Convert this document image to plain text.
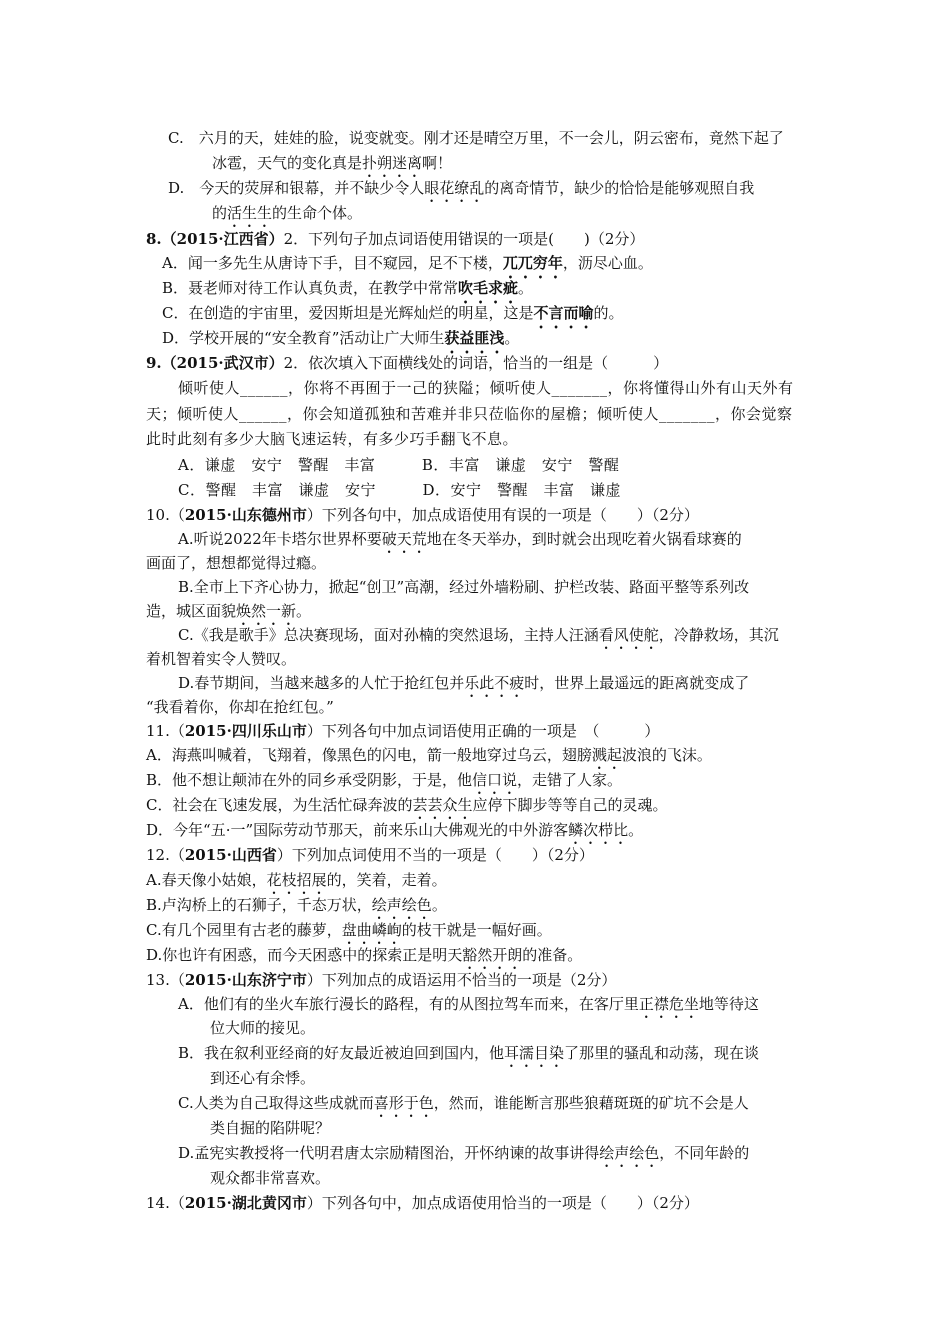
C.　六月的天，娃娃的脸，说变就变。刚才还是晴空万里，不一会儿，阴云密布，竟然下起了
冰雹，天气的变化真是扑朔迷离啊！
D.　今天的荧屏和银幕，并不缺少令人眼花缭乱的离奇情节，缺少的恰恰是能够观照自我
的活生生的生命个体。
8.（2015·江西省）2．下列句子加点词语使用错误的一项是(　　)（2分）
A．闻一多先生从唐诗下手，目不窥园，足不下楼，兀兀穷年，沥尽心血。
B．聂老师对待工作认真负责，在教学中常常吹毛求疵。
C．在创造的宇宙里，爱因斯坦是光辉灿烂的明星，这是不言而喻的。
D．学校开展的“安全教育”活动让广大师生获益匪浅。
9.（2015·武汉市）2．依次填入下面横线处的词语，恰当的一组是（　　　）
倾听使人______，你将不再囿于一己的狭隘；倾听使人_______，你将懂得山外有山天外有
天；倾听使人______，你会知道孤独和苦难并非只莅临你的屋檐；倾听使人_______，你会觉察
此时此刻有多少大脑飞速运转，有多少巧手翻飞不息。
A．谦虚　安宁　警醒　丰富　　　B．丰富　谦虚　安宁　警醒
C．警醒　丰富　谦虚　安宁　　　D．安宁　警醒　丰富　谦虚
10.（2015·山东德州市）下列各句中，加点成语使用有误的一项是（　　）（2分）
A.听说2022年卡塔尔世界杯要破天荒地在冬天举办，到时就会出现吃着火锅看球赛的
画面了，想想都觉得过瘾。
B.全市上下齐心协力，掀起“创卫”高潮，经过外墙粉刷、护栏改装、路面平整等系列改
造，城区面貌焕然一新。
C.《我是歌手》总决赛现场，面对孙楠的突然退场，主持人汪涵看风使舵，冷静救场，其沉
着机智着实令人赞叹。
D.春节期间，当越来越多的人忙于抢红包并乐此不疲时，世界上最遥远的距离就变成了
“我看着你，你却在抢红包。”
11.（2015·四川乐山市）下列各句中加点词语使用正确的一项是　（　　　）
A．海燕叫喊着，飞翔着，像黑色的闪电，箭一般地穿过乌云，翅膀溅起波浪的飞沫。
B．他不想让颠沛在外的同乡承受阴影，于是，他信口说，走错了人家。
C．社会在飞速发展，为生活忙碌奔波的芸芸众生应停下脚步等等自己的灵魂。
D．今年“五·一”国际劳动节那天，前来乐山大佛观光的中外游客鳞次栉比。
12.（2015·山西省）下列加点词使用不当的一项是（　　）（2分）
A.春天像小姑娘，花枝招展的，笑着，走着。
B.卢沟桥上的石狮子，千态万状，绘声绘色。
C.有几个园里有古老的藤萝，盘曲嶙峋的枝干就是一幅好画。
D.你也许有困惑，而今天困惑中的探索正是明天豁然开朗的准备。
13.（2015·山东济宁市）下列加点的成语运用不恰当的一项是（2分）
A．他们有的坐火车旅行漫长的路程，有的从图拉驾车而来，在客厅里正襟危坐地等待这
位大师的接见。
B．我在叙利亚经商的好友最近被迫回到国内，他耳濡目染了那里的骚乱和动荡，现在谈
到还心有余悸。
C.人类为自己取得这些成就而喜形于色，然而，谁能断言那些狼藉斑斑的矿坑不会是人
类自掘的陷阱呢？
D.孟宪实教授将一代明君唐太宗励精图治，开怀纳谏的故事讲得绘声绘色，不同年龄的
观众都非常喜欢。
14.（2015·湖北黄冈市）下列各句中，加点成语使用恰当的一项是（　　）（2分）
